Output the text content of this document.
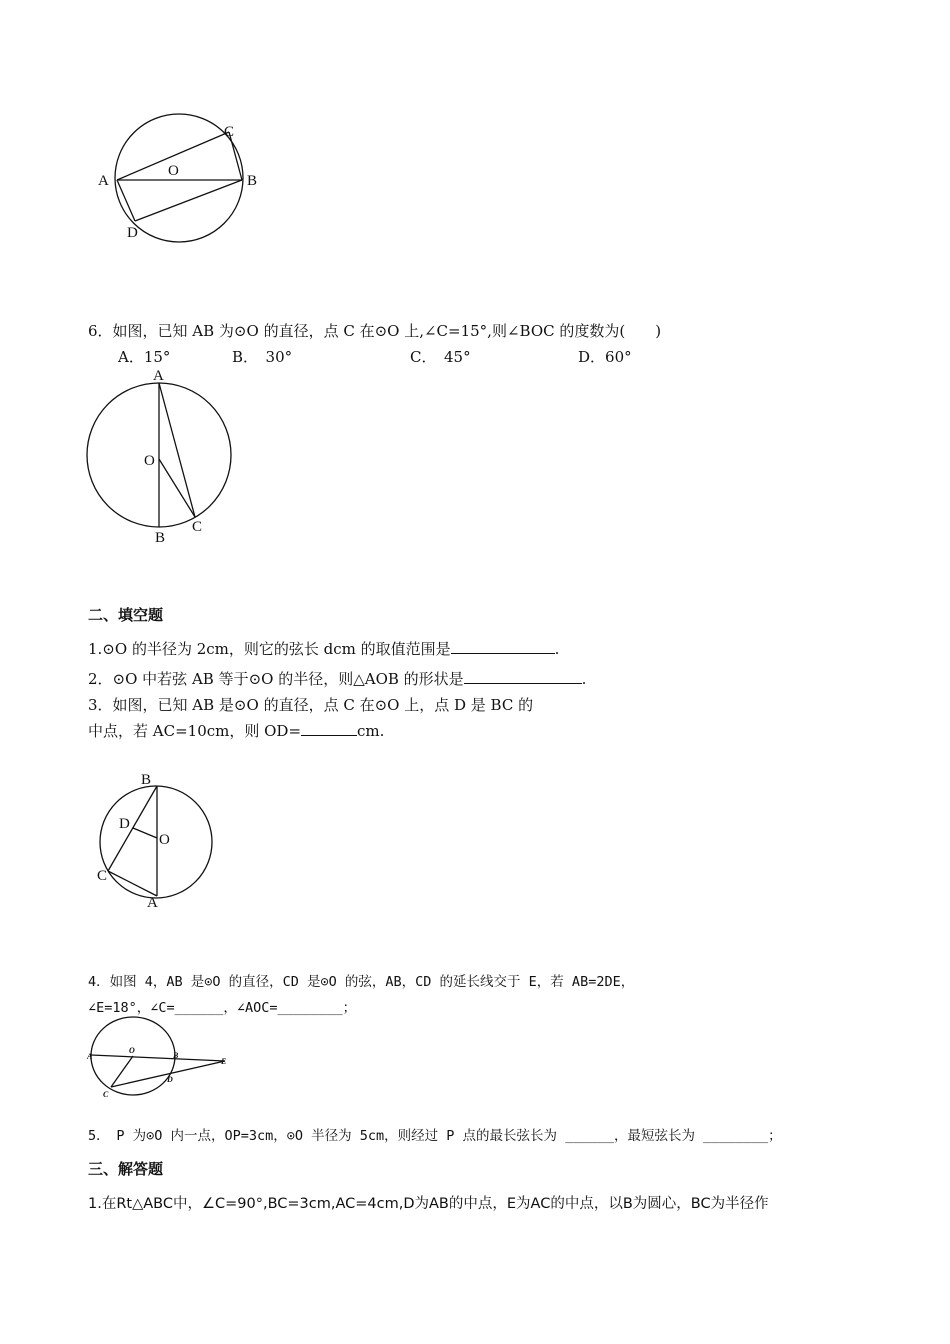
A	B
C
D
O
6．如图，已知 AB 为⊙O 的直径，点 C 在⊙O 上,∠C=15°,则∠BOC 的度数为(　　)
A．15°	B．　30°	C．　45°	D．60°
A
O
B
C
二、填空题
1.⊙O 的半径为 2cm，则它的弦长 dcm 的取值范围是	.
2．⊙O 中若弦 AB 等于⊙O 的半径，则△AOB 的形状是	.
3．如图，已知 AB 是⊙O 的直径，点 C 在⊙O 上，点 D 是 BC 的
中点，若 AC=10cm，则 OD=	cm.
B
D
O
C
A
4．如图 4，AB 是⊙O 的直径，CD 是⊙O 的弦，AB，CD 的延长线交于 E，若 AB=2DE，
∠E=18°，∠C=______，∠AOC=________；
A
O
B
E
C
D
5．　P 为⊙O 内一点，OP=3cm，⊙O 半径为 5cm，则经过 P 点的最长弦长为 ______，最短弦长为 ________；
三、解答题
1.在Rt△ABC中，∠C=90°,BC=3cm,AC=4cm,D为AB的中点，E为AC的中点，以B为圆心，BC为半径作
